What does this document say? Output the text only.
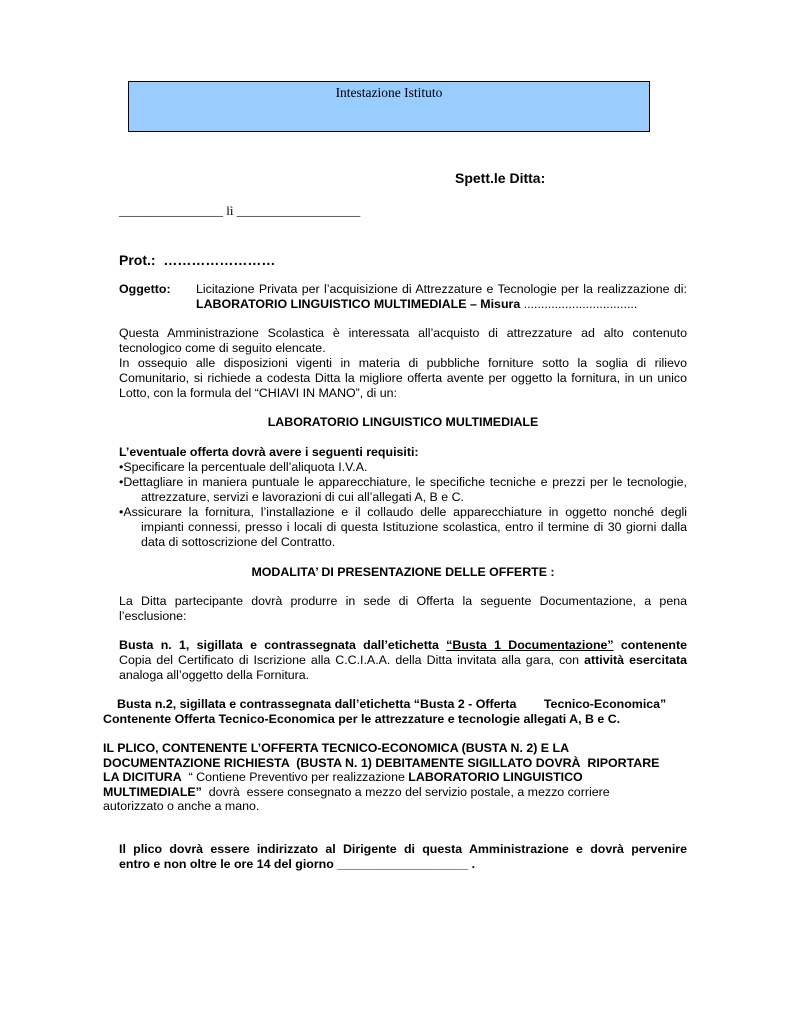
Intestazione Istituto
Spett.le Ditta:
________________ lì ___________________
Prot.:  ……………………
Oggetto: Licitazione Privata per l’acquisizione di Attrezzature e Tecnologie per la realizzazione di: LABORATORIO LINGUISTICO MULTIMEDIALE – Misura .................................
Questa Amministrazione Scolastica è interessata all’acquisto di attrezzature ad alto contenuto tecnologico come di seguito elencate.
In ossequio alle disposizioni vigenti in materia di pubbliche forniture sotto la soglia di rilievo Comunitario, si richiede a codesta Ditta la migliore offerta avente per oggetto la fornitura, in un unico Lotto, con la formula del “CHIAVI IN MANO”, di un:
LABORATORIO LINGUISTICO MULTIMEDIALE
L’eventuale offerta dovrà avere i seguenti requisiti:
•Specificare la percentuale dell’aliquota I.V.A.
•Dettagliare in maniera puntuale le apparecchiature, le specifiche tecniche e prezzi per le tecnologie, attrezzature, servizi e lavorazioni di cui all’allegati A, B e C.
•Assicurare la fornitura, l’installazione e il collaudo delle apparecchiature in oggetto nonché degli impianti connessi, presso i locali di questa Istituzione scolastica, entro il termine di 30 giorni dalla data di sottoscrizione del Contratto.
MODALITA’ DI PRESENTAZIONE DELLE OFFERTE :
La Ditta partecipante dovrà produrre in sede di Offerta la seguente Documentazione, a pena l’esclusione:
Busta n. 1, sigillata e contrassegnata dall’etichetta “Busta 1 Documentazione” contenente
Copia del Certificato di Iscrizione alla C.C.I.A.A. della Ditta invitata alla gara, con attività esercitata
analoga all’oggetto della Fornitura.
Busta n.2, sigillata e contrassegnata dall’etichetta “Busta 2 - Offerta        Tecnico-Economica”
Contenente Offerta Tecnico-Economica per le attrezzature e tecnologie allegati A, B e C.
IL PLICO, CONTENENTE L’OFFERTA TECNICO-ECONOMICA (BUSTA N. 2) E LA
DOCUMENTAZIONE RICHIESTA  (BUSTA N. 1) DEBITAMENTE SIGILLATO DOVRÀ  RIPORTARE
LA DICITURA  “ Contiene Preventivo per realizzazione LABORATORIO LINGUISTICO
MULTIMEDIALE”  dovrà  essere consegnato a mezzo del servizio postale, a mezzo corriere
autorizzato o anche a mano.
Il plico dovrà essere indirizzato al Dirigente di questa Amministrazione e dovrà pervenire
entro e non oltre le ore 14 del giorno ___________________ .
